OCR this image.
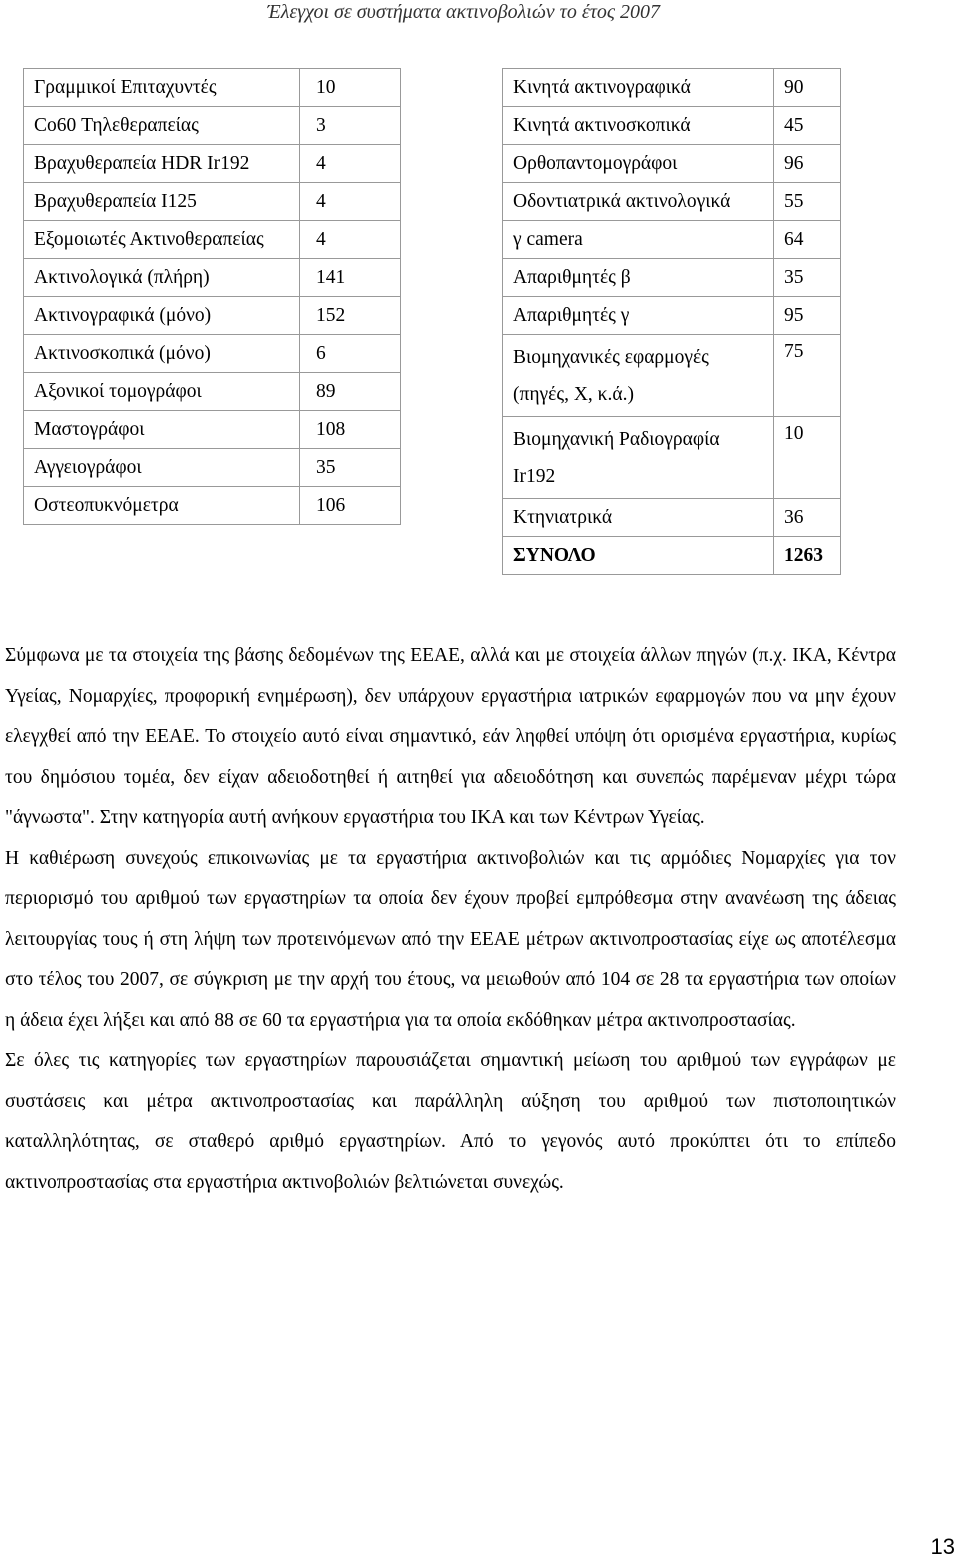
Έλεγχοι σε συστήματα ακτινοβολιών το έτος 2007
Γραμμικοί Επιταχυντές	10
Co60 Τηλεθεραπείας	3
Βραχυθεραπεία HDR Ir192	4
Βραχυθεραπεία I125	4
Εξομοιωτές Ακτινοθεραπείας	4
Ακτινολογικά (πλήρη)	141
Ακτινογραφικά (μόνο)	152
Ακτινοσκοπικά (μόνο)	6
Αξονικοί τομογράφοι	89
Μαστογράφοι	108
Αγγειογράφοι	35
Οστεοπυκνόμετρα	106
Κινητά ακτινογραφικά	90
Κινητά ακτινοσκοπικά	45
Ορθοπαντομογράφοι	96
Οδοντιατρικά ακτινολογικά	55
γ camera	64
Απαριθμητές β	35
Απαριθμητές γ	95

Βιομηχανικές εφαρμογές
(πηγές, Χ, κ.ά.)	75

Βιομηχανική Ραδιογραφία
Ir192	10
Κτηνιατρικά	36
ΣΥΝΟΛΟ	1263

Σύμφωνα με τα στοιχεία της βάσης δεδομένων της ΕΕΑΕ, αλλά και με στοιχεία άλλων πηγών (π.χ. ΙΚΑ, Κέντρα Υγείας, Νομαρχίες, προφορική ενημέρωση), δεν υπάρχουν εργαστήρια ιατρικών εφαρμογών που να μην έχουν ελεγχθεί από την ΕΕΑΕ. Το στοιχείο αυτό είναι σημαντικό, εάν ληφθεί υπόψη ότι ορισμένα εργαστήρια, κυρίως του δημόσιου τομέα, δεν είχαν αδειοδοτηθεί ή αιτηθεί για αδειοδότηση και συνεπώς παρέμεναν μέχρι τώρα "άγνωστα". Στην κατηγορία αυτή ανήκουν εργαστήρια του ΙΚΑ και των Κέντρων Υγείας.

Η καθιέρωση συνεχούς επικοινωνίας με τα εργαστήρια ακτινοβολιών και τις αρμόδιες Νομαρχίες για τον περιορισμό του αριθμού των εργαστηρίων τα οποία δεν έχουν προβεί εμπρόθεσμα στην ανανέωση της άδειας λειτουργίας τους ή στη λήψη των προτεινόμενων από την ΕΕΑΕ μέτρων ακτινοπροστασίας είχε ως αποτέλεσμα στο τέλος του 2007, σε σύγκριση με την αρχή του έτους, να μειωθούν από 104 σε 28 τα εργαστήρια των οποίων η άδεια έχει λήξει και από 88 σε 60 τα εργαστήρια για τα οποία εκδόθηκαν μέτρα ακτινοπροστασίας.

Σε όλες τις κατηγορίες των εργαστηρίων παρουσιάζεται σημαντική μείωση του αριθμού των εγγράφων με συστάσεις και μέτρα ακτινοπροστασίας και παράλληλη αύξηση του αριθμού των πιστοποιητικών καταλληλότητας, σε σταθερό αριθμό εργαστηρίων. Από το γεγονός αυτό προκύπτει ότι το επίπεδο ακτινοπροστασίας στα εργαστήρια ακτινοβολιών βελτιώνεται συνεχώς.

13
